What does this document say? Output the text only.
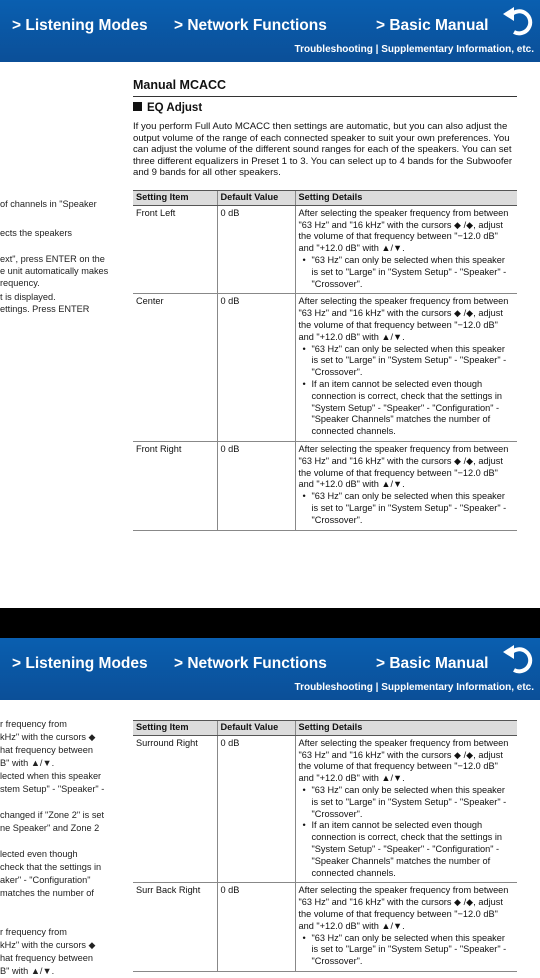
> Listening Modes > Network Functions	> Basic Manual
Troubleshooting | Supplementary Information, etc.
of channels in "Speaker
ects the speakers
ext", press ENTER on the
e unit automatically makes
requency.
t is displayed.
ettings. Press ENTER
Manual MCACC
EQ Adjust
If you perform Full Auto MCACC then settings are automatic, but you can also adjust the output volume of the range of each connected speaker to suit your own preferences. You can adjust the volume of the different sound ranges for each of the speakers. You can set three different equalizers in Preset 1 to 3. You can select up to 4 bands for the Subwoofer and 9 bands for all other speakers.
Setting Item	Default Value	Setting Details
Front Left	0 dB	After selecting the speaker frequency from between "63 Hz" and "16 kHz" with the cursors ◆ /◆, adjust the volume of that frequency between "−12.0 dB" and "+12.0 dB" with ▲/▼.
• "63 Hz" can only be selected when this speaker is set to "Large" in "System Setup" - "Speaker" - "Crossover".

Center	0 dB	After selecting the speaker frequency from between "63 Hz" and "16 kHz" with the cursors ◆ /◆, adjust the volume of that frequency between "−12.0 dB" and "+12.0 dB" with ▲/▼.
• "63 Hz" can only be selected when this speaker is set to "Large" in "System Setup" - "Speaker" - "Crossover".
• If an item cannot be selected even though connection is correct, check that the settings in "System Setup" - "Speaker" - "Configuration" - "Speaker Channels" matches the number of connected channels.

Front Right	0 dB	After selecting the speaker frequency from between "63 Hz" and "16 kHz" with the cursors ◆ /◆, adjust the volume of that frequency between "−12.0 dB" and "+12.0 dB" with ▲/▼.
• "63 Hz" can only be selected when this speaker is set to "Large" in "System Setup" - "Speaker" - "Crossover".
> Listening Modes > Network Functions	> Basic Manual
Troubleshooting | Supplementary Information, etc.
r frequency from
kHz" with the cursors ◆
hat frequency between
B" with ▲/▼.
lected when this speaker
stem Setup" - "Speaker" -
changed if "Zone 2" is set
ne Speaker" and Zone 2
lected even though
check that the settings in
aker" - "Configuration"
matches the number of
r frequency from
kHz" with the cursors ◆
hat frequency between
B" with ▲/▼.
Setting Item	Default Value	Setting Details
Surround Right	0 dB	After selecting the speaker frequency from between "63 Hz" and "16 kHz" with the cursors ◆ /◆, adjust the volume of that frequency between "−12.0 dB" and "+12.0 dB" with ▲/▼.
• "63 Hz" can only be selected when this speaker is set to "Large" in "System Setup" - "Speaker" - "Crossover".
• If an item cannot be selected even though connection is correct, check that the settings in "System Setup" - "Speaker" - "Configuration" - "Speaker Channels" matches the number of connected channels.

Surr Back Right	0 dB	After selecting the speaker frequency from between "63 Hz" and "16 kHz" with the cursors ◆ /◆, adjust the volume of that frequency between "−12.0 dB" and "+12.0 dB" with ▲/▼.
• "63 Hz" can only be selected when this speaker is set to "Large" in "System Setup" - "Speaker" - "Crossover".
